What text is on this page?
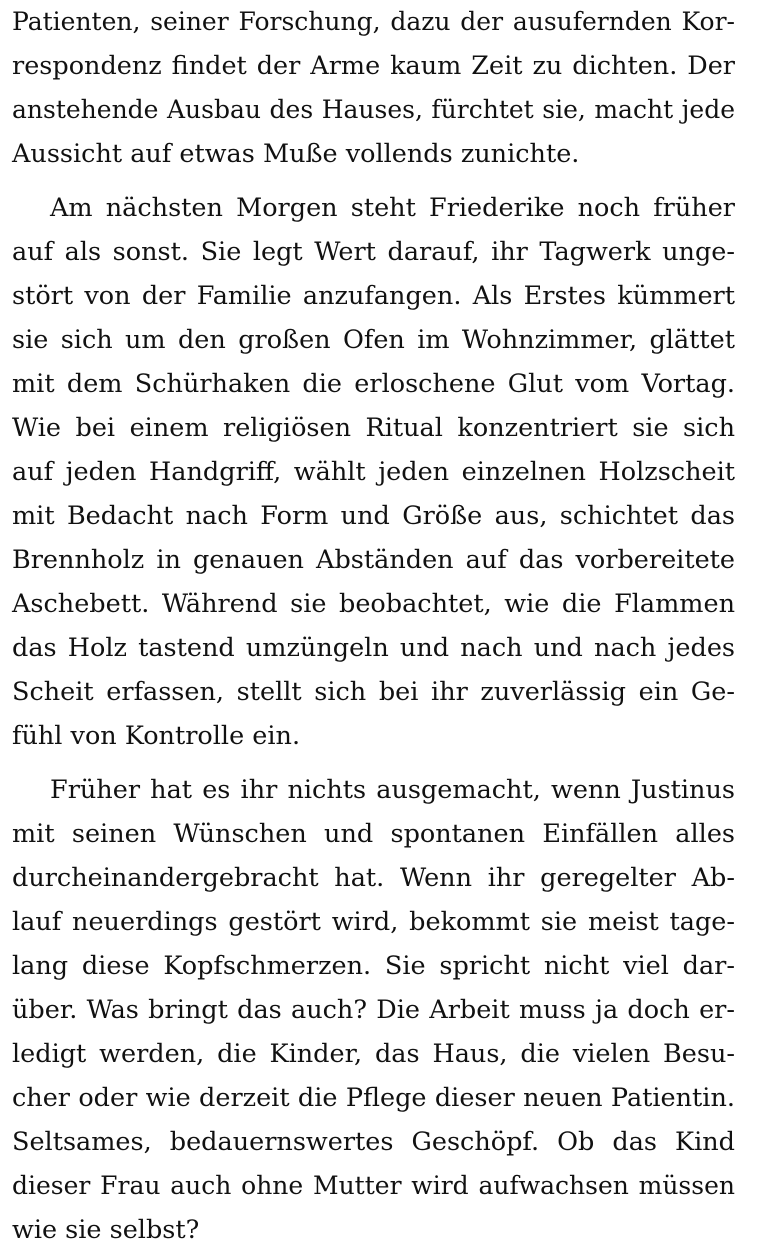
Patienten, seiner Forschung, dazu der ausufernden Kor-
respondenz findet der Arme kaum Zeit zu dichten. Der
anstehende Ausbau des Hauses, fürchtet sie, macht jede
Aussicht auf etwas Muße vollends zunichte.
Am nächsten Morgen steht Friederike noch früher
auf als sonst. Sie legt Wert darauf, ihr Tagwerk unge-
stört von der Familie anzufangen. Als Erstes kümmert
sie sich um den großen Ofen im Wohnzimmer, glättet
mit dem Schürhaken die erloschene Glut vom Vortag.
Wie bei einem religiösen Ritual konzentriert sie sich
auf jeden Handgriff, wählt jeden einzelnen Holzscheit
mit Bedacht nach Form und Größe aus, schichtet das
Brennholz in genauen Abständen auf das vorbereitete
Aschebett. Während sie beobachtet, wie die Flammen
das Holz tastend umzüngeln und nach und nach jedes
Scheit erfassen, stellt sich bei ihr zuverlässig ein Ge-
fühl von Kontrolle ein.
Früher hat es ihr nichts ausgemacht, wenn Justinus
mit seinen Wünschen und spontanen Einfällen alles
durcheinandergebracht hat. Wenn ihr geregelter Ab-
lauf neuerdings gestört wird, bekommt sie meist tage-
lang diese Kopfschmerzen. Sie spricht nicht viel dar-
über. Was bringt das auch? Die Arbeit muss ja doch er-
ledigt werden, die Kinder, das Haus, die vielen Besu-
cher oder wie derzeit die Pflege dieser neuen Patientin.
Seltsames, bedauernswertes Geschöpf. Ob das Kind
dieser Frau auch ohne Mutter wird aufwachsen müssen
wie sie selbst?
